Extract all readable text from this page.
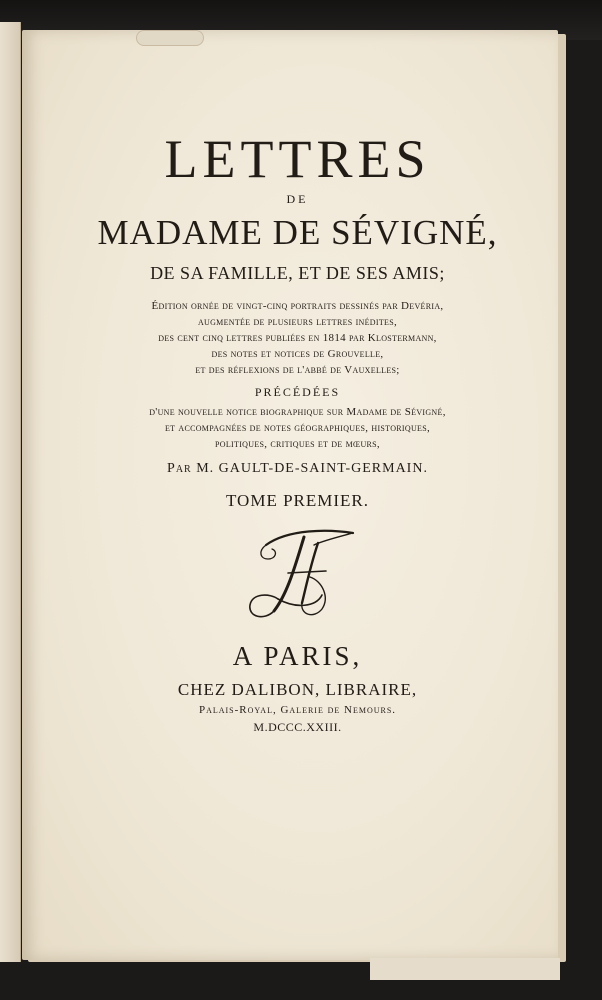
LETTRES
DE
MADAME DE SÉVIGNÉ,
DE SA FAMILLE, ET DE SES AMIS;
Édition ornée de vingt-cinq portraits dessinés par Devéria,
augmentée de plusieurs lettres inédites,
des cent cinq lettres publiées en 1814 par Klostermann,
des notes et notices de Grouvelle,
et des réflexions de l'abbé de Vauxelles;
PRÉCÉDÉES
d'une nouvelle notice biographique sur Madame de Sévigné,
et accompagnées de notes géographiques, historiques,
politiques, critiques et de mœurs,
Par M. GAULT-DE-SAINT-GERMAIN.
TOME PREMIER.
A PARIS,
CHEZ DALIBON, LIBRAIRE,
Palais-Royal, Galerie de Nemours.
M.DCCC.XXIII.
